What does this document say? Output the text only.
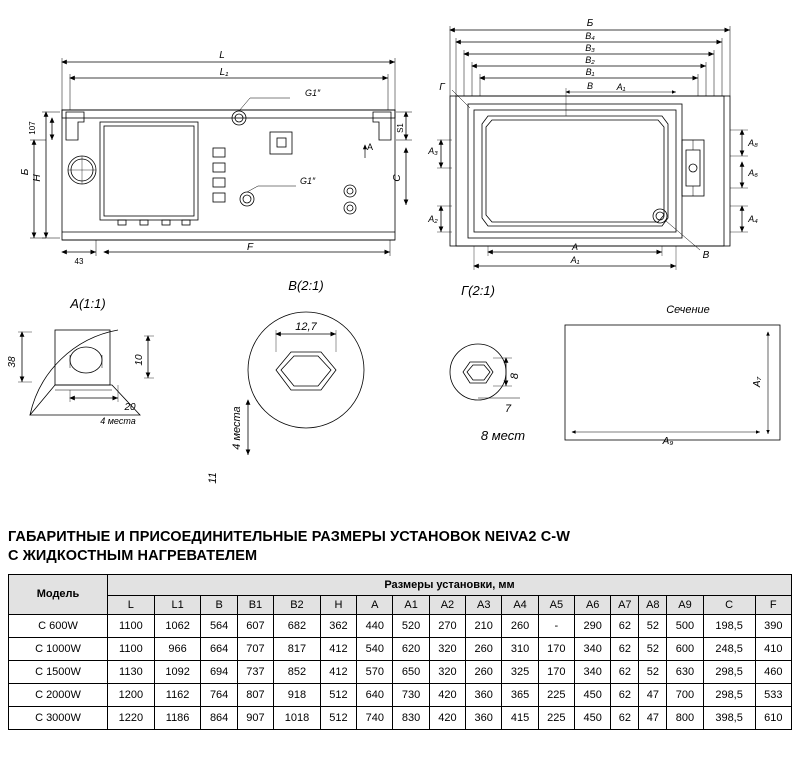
L
L₁
H
Б
107	S1
C
43
F
G1″
G1″
A
Б
В₄
В₃
В₂
В₁
В	А₁
Г
А
А₁
А₃
А₂
А₈
А₆
А₄
В
A(1:1)
В(2:1)	Г(2:1)
Сечение
38	10
20
4 места
12,7
11
4 места
8
7
8 мест
А₇
А₉
ГАБАРИТНЫЕ И ПРИСОЕДИНИТЕЛЬНЫЕ РАЗМЕРЫ УСТАНОВОК NEIVA2 C-W
С ЖИДКОСТНЫМ НАГРЕВАТЕЛЕМ
Модель	Размеры установки, мм																	
	L	L1	B	B1	B2	H	A	A1	A2	A3	A4	A5	A6	A7	A8	A9	C	F
C 600W	1100	1062	564	607	682	362	440	520	270	210	260	-	290	62	52	500	198,5	390
C 1000W	1100	966	664	707	817	412	540	620	320	260	310	170	340	62	52	600	248,5	410
C 1500W	1130	1092	694	737	852	412	570	650	320	260	325	170	340	62	52	630	298,5	460
C 2000W	1200	1162	764	807	918	512	640	730	420	360	365	225	450	62	47	700	298,5	533
C 3000W	1220	1186	864	907	1018	512	740	830	420	360	415	225	450	62	47	800	398,5	610
